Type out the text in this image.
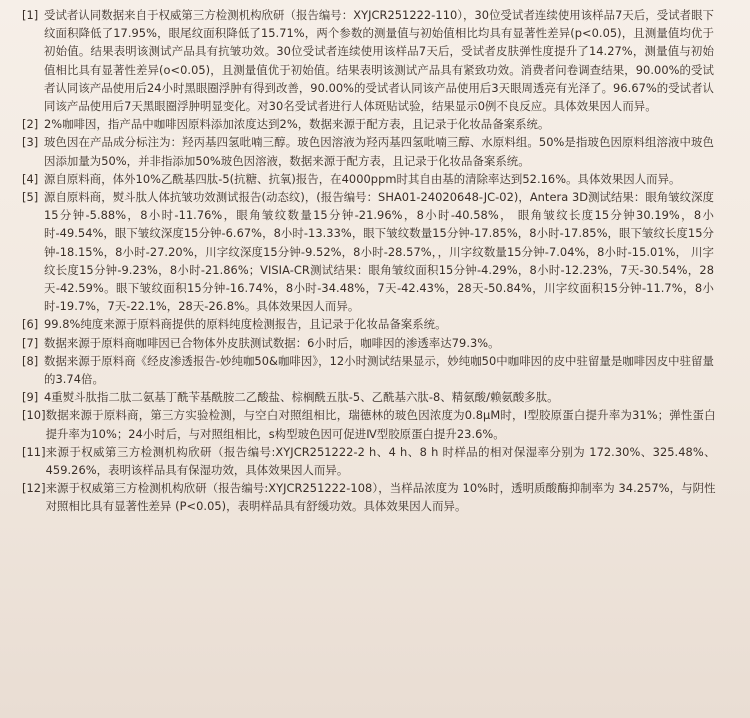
[1] 受试者认同数据来自于权威第三方检测机构欣研（报告编号：XYJCR251222-110），30位受试者连续使用该样品7天后，受试者眼下纹面积降低了17.95%，眼尾纹面积降低了15.71%，两个参数的测量值与初始值相比均具有显著性差异(p<0.05)，且测量值均优于初始值。结果表明该测试产品具有抗皱功效。30位受试者连续使用该样品7天后，受试者皮肤弹性度提升了14.27%，测量值与初始值相比具有显著性差异(o<0.05)，且测量值优于初始值。结果表明该测试产品具有紧致功效。消费者问卷调查结果，90.00%的受试者认同该产品使用后24小时黑眼圈浮肿有得到改善，90.00%的受试者认同该产品使用后3天眼周透亮有光泽了。96.67%的受试者认同该产品使用后7天黑眼圈浮肿明显变化。对30名受试者进行人体斑贴试验，结果显示0例不良反应。具体效果因人而异。
[2] 2%咖啡因，指产品中咖啡因原料添加浓度达到2%，数据来源于配方表，且记录于化妆品备案系统。
[3] 玻色因在产品成分标注为：羟丙基四氢吡喃三醇。玻色因溶液为羟丙基四氢吡喃三醇、水原料组。50%是指玻色因原料组溶液中玻色因添加量为50%，并非指添加50%玻色因溶液，数据来源于配方表，且记录于化妆品备案系统。
[4] 源自原料商，体外10%乙酰基四肽-5(抗糖、抗氧)报告，在4000ppm时其自由基的清除率达到52.16%。具体效果因人而异。
[5] 源自原料商，熨斗肽人体抗皱功效测试报告(动态纹)，(报告编号：SHA01-24020648-JC-02)，Antera 3D测试结果：眼角皱纹深度15分钟-5.88%，8小时-11.76%，眼角皱纹数量15分钟-21.96%，8小时-40.58%， 眼角皱纹长度15分钟30.19%，8小时-49.54%，眼下皱纹深度15分钟-6.67%，8小时-13.33%，眼下皱纹数量15分钟-17.85%，8小时-17.85%，眼下皱纹长度15分钟-18.15%，8小时-27.20%，川字纹深度15分钟-9.52%，8小时-28.57%，，川字纹数量15分钟-7.04%，8小时-15.01%， 川字纹长度15分钟-9.23%，8小时-21.86%；VISIA-CR测试结果：眼角皱纹面积15分钟-4.29%，8小时-12.23%，7天-30.54%，28天-42.59%。眼下皱纹面积15分钟-16.74%，8小时-34.48%，7天-42.43%，28天-50.84%，川字纹面积15分钟-11.7%，8小时-19.7%，7天-22.1%，28天-26.8%。具体效果因人而异。
[6] 99.8%纯度来源于原料商提供的原料纯度检测报告，且记录于化妆品备案系统。
[7] 数据来源于原料商咖啡因已合物体外皮肤测试数据：6小时后，咖啡因的渗透率达79.3%。
[8] 数据来源于原料商《经皮渗透报告-妙纯咖50&咖啡因》，12小时测试结果显示，妙纯咖50中咖啡因的皮中驻留量是咖啡因皮中驻留量的3.74倍。
[9] 4重熨斗肽指二肽二氨基丁酰苄基酰胺二乙酸盐、棕榈酰五肽-5、乙酰基六肽-8、精氨酸/赖氨酸多肽。
[10] 数据来源于原料商，第三方实验检测，与空白对照组相比，瑞德林的玻色因浓度为0.8μM时，I型胶原蛋白提升率为31%；弹性蛋白提升率为10%；24小时后，与对照组相比，s构型玻色因可促进Ⅳ型胶原蛋白提升23.6%。
[11] 来源于权威第三方检测机构欣研（报告编号:XYJCR251222-2 h、4 h、8 h 时样品的相对保湿率分别为 172.30%、325.48%、459.26%，表明该样品具有保湿功效，具体效果因人而异。
[12] 来源于权威第三方检测机构欣研（报告编号:XYJCR251222-108），当样品浓度为 10%时，透明质酸酶抑制率为 34.257%，与阴性对照相比具有显著性差异 (P<0.05)，表明样品具有舒缓功效。具体效果因人而异。
